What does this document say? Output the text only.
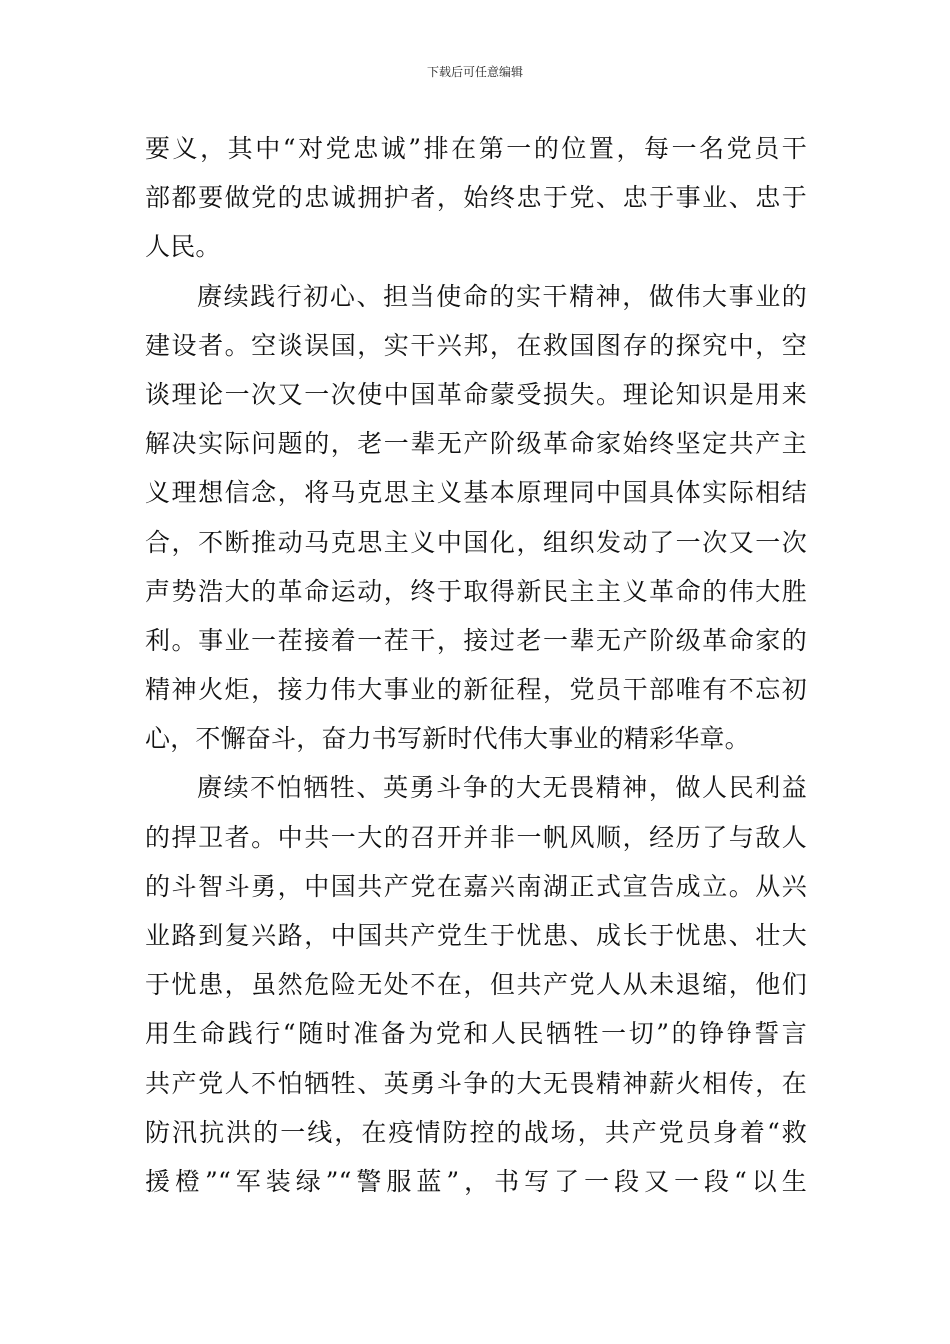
下载后可任意编辑
要义，其中“对党忠诚”排在第一的位置，每一名党员干
部都要做党的忠诚拥护者，始终忠于党、忠于事业、忠于
人民。
赓续践行初心、担当使命的实干精神，做伟大事业的
建设者。空谈误国，实干兴邦，在救国图存的探究中，空
谈理论一次又一次使中国革命蒙受损失。理论知识是用来
解决实际问题的，老一辈无产阶级革命家始终坚定共产主
义理想信念，将马克思主义基本原理同中国具体实际相结
合，不断推动马克思主义中国化，组织发动了一次又一次
声势浩大的革命运动，终于取得新民主主义革命的伟大胜
利。事业一茬接着一茬干，接过老一辈无产阶级革命家的
精神火炬，接力伟大事业的新征程，党员干部唯有不忘初
心，不懈奋斗，奋力书写新时代伟大事业的精彩华章。
赓续不怕牺牲、英勇斗争的大无畏精神，做人民利益
的捍卫者。中共一大的召开并非一帆风顺，经历了与敌人
的斗智斗勇，中国共产党在嘉兴南湖正式宣告成立。从兴
业路到复兴路，中国共产党生于忧患、成长于忧患、壮大
于忧患，虽然危险无处不在，但共产党人从未退缩，他们
用生命践行“随时准备为党和人民牺牲一切”的铮铮誓言
共产党人不怕牺牲、英勇斗争的大无畏精神薪火相传，在
防汛抗洪的一线，在疫情防控的战场，共产党员身着“救
援橙”“军装绿”“警服蓝”，书写了一段又一段“以生
